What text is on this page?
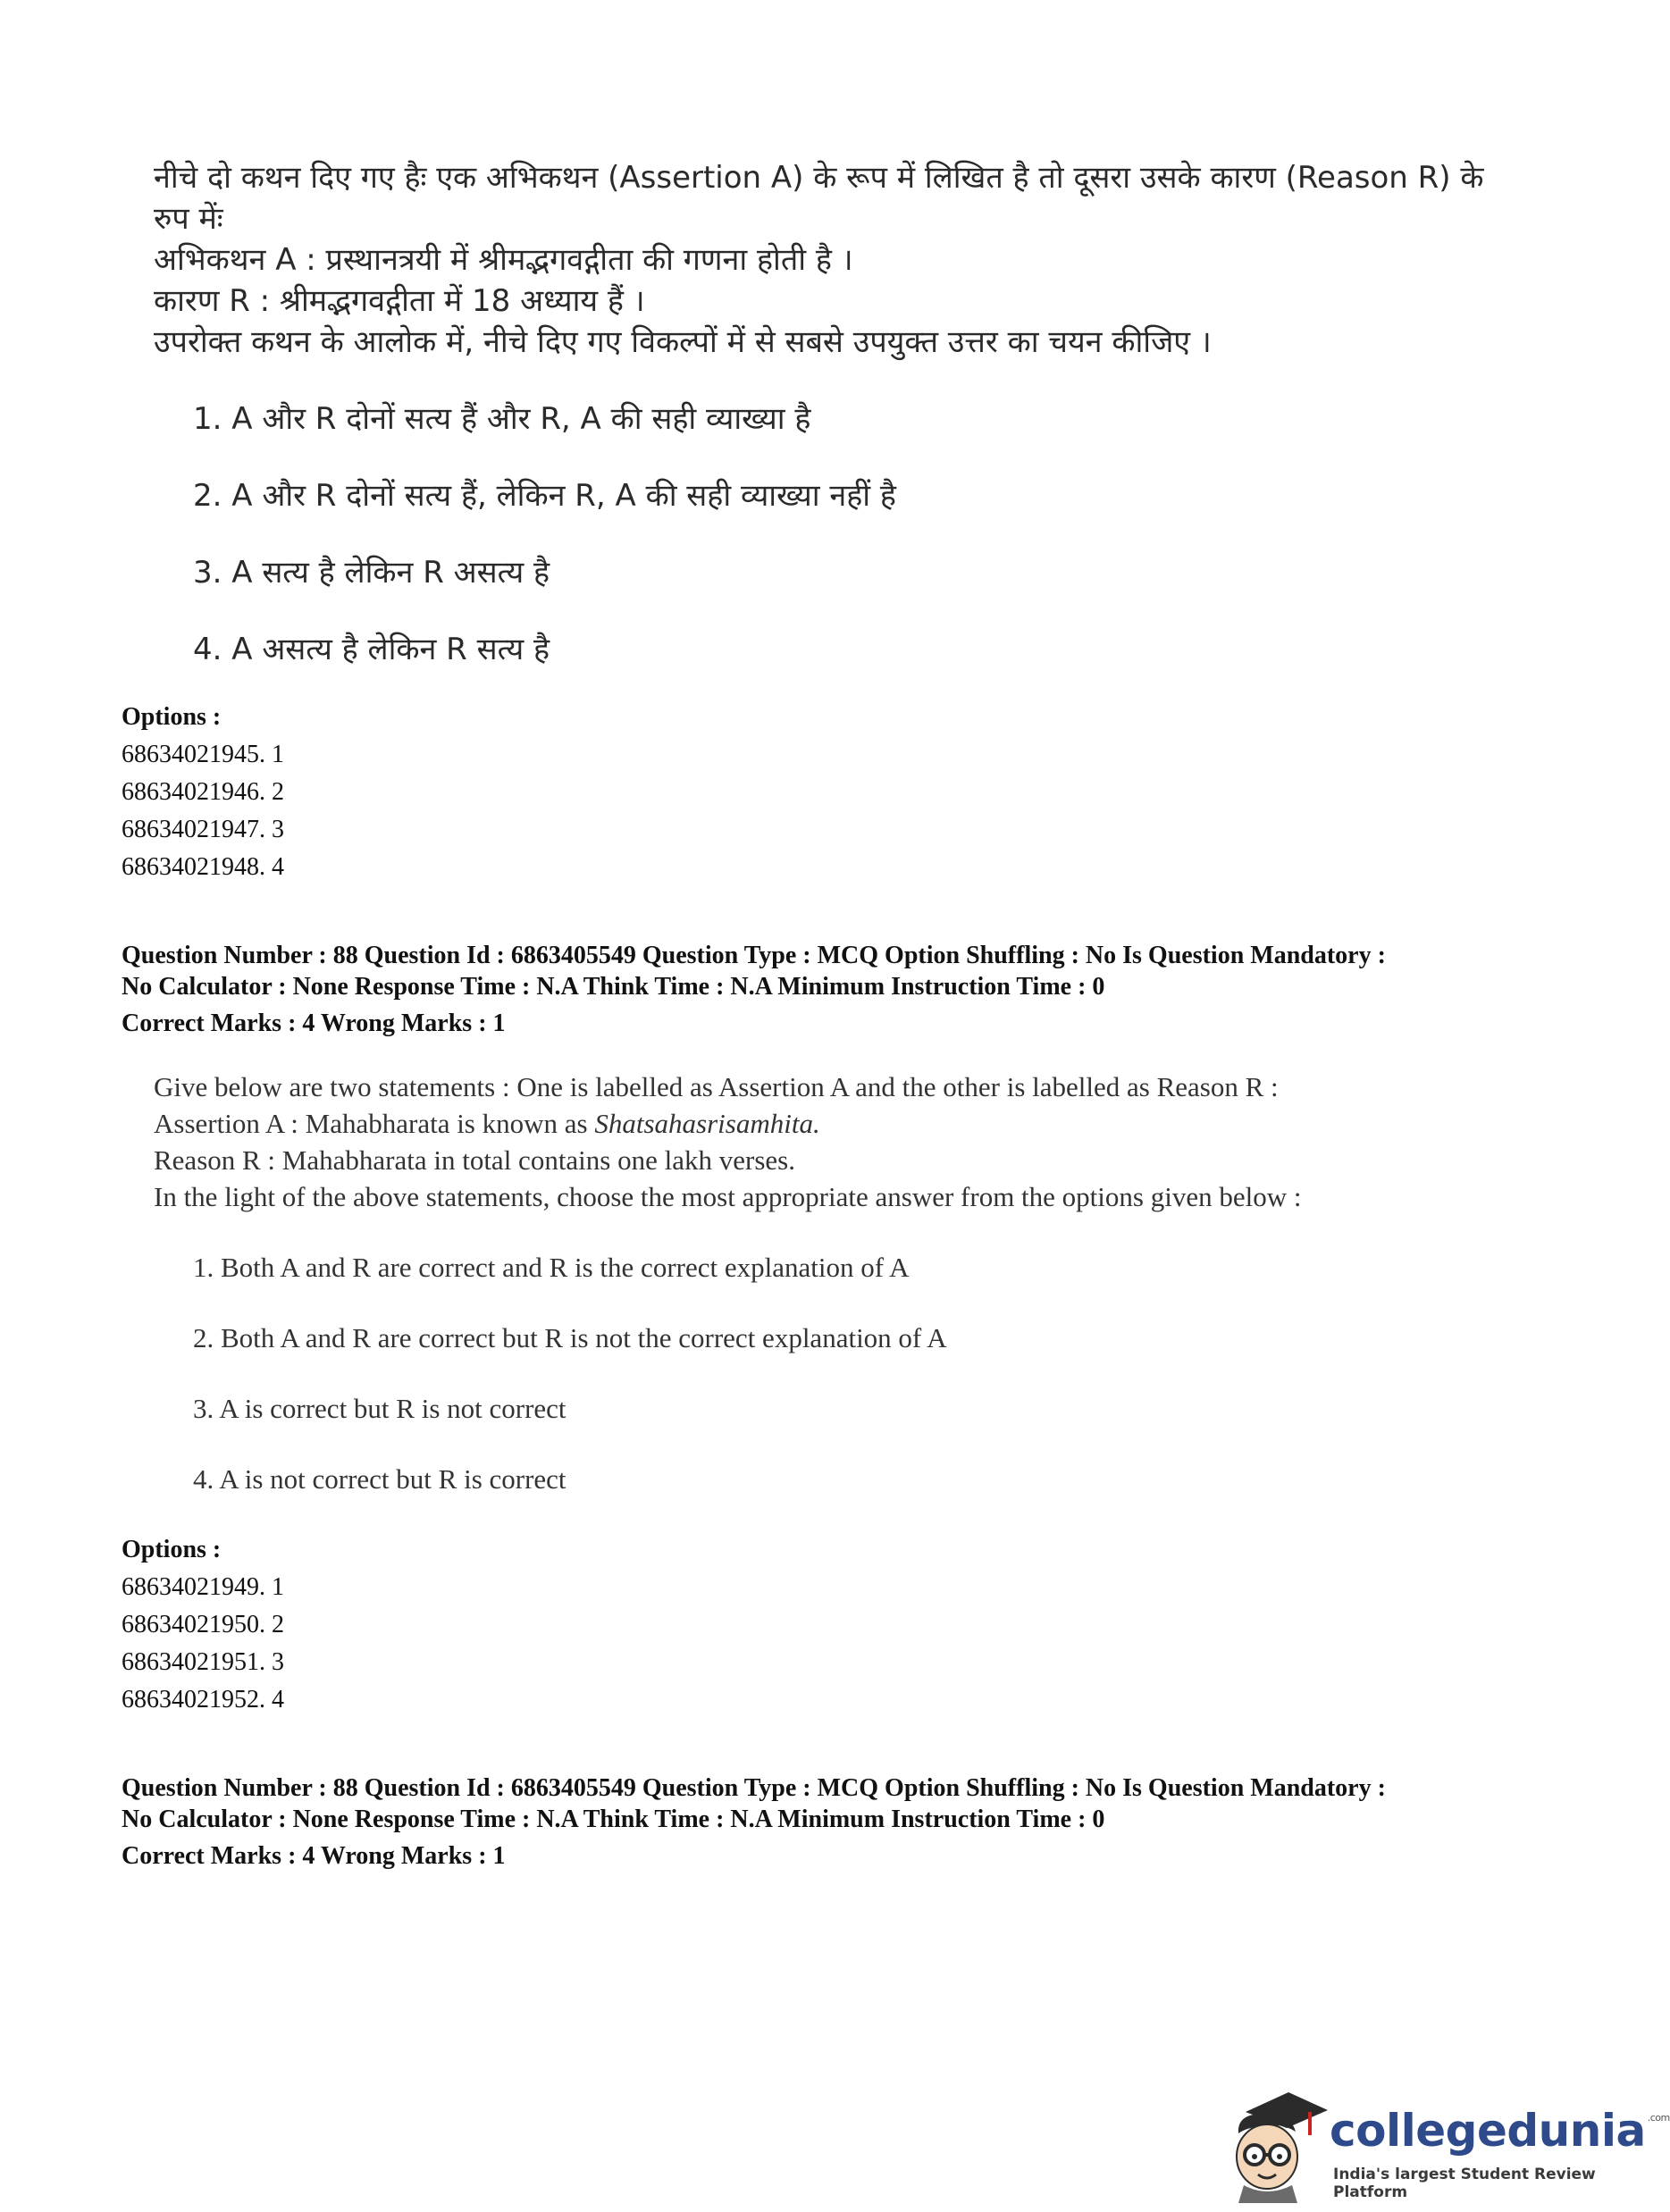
नीचे दो कथन दिए गए हैः एक अभिकथन (Assertion A) के रूप में लिखित है तो दूसरा उसके कारण (Reason R) के
रुप मेंः
अभिकथन A : प्रस्थानत्रयी में श्रीमद्भगवद्गीता की गणना होती है ।
कारण R : श्रीमद्भगवद्गीता में 18 अध्याय हैं ।
उपरोक्त कथन के आलोक में, नीचे दिए गए विकल्पों में से सबसे उपयुक्त उत्तर का चयन कीजिए ।
1. A और R दोनों सत्य हैं और R, A की सही व्याख्या है
2. A और R दोनों सत्य हैं, लेकिन R, A की सही व्याख्या नहीं है
3. A सत्य है लेकिन R असत्य है
4. A असत्य है लेकिन R सत्य है
Options :
68634021945. 1
68634021946. 2
68634021947. 3
68634021948. 4
Question Number : 88 Question Id : 6863405549 Question Type : MCQ Option Shuffling : No Is Question Mandatory :
No Calculator : None Response Time : N.A Think Time : N.A Minimum Instruction Time : 0
Correct Marks : 4 Wrong Marks : 1
Give below are two statements : One is labelled as Assertion A and the other is labelled as Reason R :
Assertion A : Mahabharata is known as Shatsahasrisamhita.
Reason R : Mahabharata in total contains one lakh verses.
In the light of the above statements, choose the most appropriate answer from the options given below :
1. Both A and R are correct and R is the correct explanation of A
2. Both A and R are correct but R is not the correct explanation of A
3. A is correct but R is not correct
4. A is not correct but R is correct
Options :
68634021949. 1
68634021950. 2
68634021951. 3
68634021952. 4
Question Number : 88 Question Id : 6863405549 Question Type : MCQ Option Shuffling : No Is Question Mandatory :
No Calculator : None Response Time : N.A Think Time : N.A Minimum Instruction Time : 0
Correct Marks : 4 Wrong Marks : 1
collegedunia $^{.com}$
India's largest Student Review Platform
